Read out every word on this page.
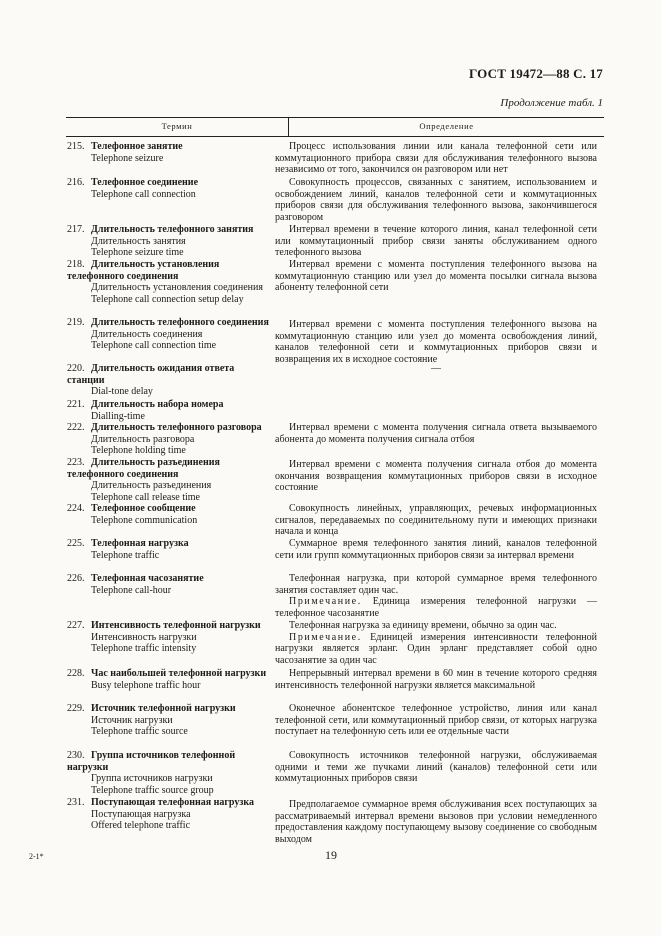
ГОСТ 19472—88 С. 17
Продолжение табл. 1
Термин	Определение
215. Телефонное занятие
Telephone seizure

Процесс использования линии или канала телефонной сети или коммутационного прибора связи для обслуживания телефонного вызова независимо от того, закончился он разговором или нет

216. Телефонное соединение
Telephone call connection

Совокупность процессов, связанных с занятием, использованием и освобождением линий, каналов телефонной сети и коммутационных приборов связи для обслуживания телефонного вызова, закончившегося разговором

217. Длительность телефонного занятия
Длительность занятия
Telephone seizure time

Интервал времени в течение которого линия, канал телефонной сети или коммутационный прибор связи заняты обслуживанием одного телефонного вызова

218. Длительность установления телефонного соединения
Длительность установления соединения
Telephone call connection setup delay

Интервал времени с момента поступления телефонного вызова на коммутационную станцию или узел до момента посылки сигнала вызова абоненту телефонной сети

219. Длительность телефонного соединения
Длительность соединения
Telephone call connection time

Интервал времени с момента поступления телефонного вызова на коммутационную станцию или узел до момента освобождения линий, каналов телефонной сети и коммутационных приборов связи и возвращения их в исходное состояние

220. Длительность ожидания ответа станции
Dial-tone delay

—

221. Длительность набора номера
Dialling-time
222. Длительность телефонного разговора
Длительность разговора
Telephone holding time

Интервал времени с момента получения сигнала ответа вызываемого абонента до момента получения сигнала отбоя

223. Длительность разъединения телефонного соединения
Длительность разъединения
Telephone call release time

Интервал времени с момента получения сигнала отбоя до момента окончания возвращения коммутационных приборов связи в исходное состояние

224. Телефонное сообщение
Telephone communication

Совокупность линейных, управляющих, речевых информационных сигналов, передаваемых по соединительному пути и имеющих признаки начала и конца

225. Телефонная нагрузка
Telephone traffic

Суммарное время телефонного занятия линий, каналов телефонной сети или групп коммутационных приборов связи за интервал времени

226. Телефонная часозанятие
Telephone call-hour

Телефонная нагрузка, при которой суммарное время телефонного занятия составляет один час.

Примечание. Единица измерения телефонной нагрузки — телефонное часозанятие

227. Интенсивность телефонной нагрузки
Интенсивность нагрузки
Telephone traffic intensity

Телефонная нагрузка за единицу времени, обычно за один час.

Примечание. Единицей измерения интенсивности телефонной нагрузки является эрланг. Один эрланг представляет собой одно часозанятие за один час

228. Час наибольшей телефонной нагрузки
Busy telephone traffic hour

Непрерывный интервал времени в 60 мин в течение которого средняя интенсивность телефонной нагрузки является максимальной

229. Источник телефонной нагрузки
Источник нагрузки
Telephone traffic source

Оконечное абонентское телефонное устройство, линия или канал телефонной сети, или коммутационный прибор связи, от которых нагрузка поступает на телефонную сеть или ее отдельные части

230. Группа источников телефонной нагрузки
Группа источников нагрузки
Telephone traffic source group

Совокупность источников телефонной нагрузки, обслуживаемая одними и теми же пучками линий (каналов) телефонной сети или коммутационных приборов связи

231. Поступающая телефонная нагрузка
Поступающая нагрузка
Offered telephone traffic

Предполагаемое суммарное время обслуживания всех поступающих за рассматриваемый интервал времени вызовов при условии немедленного предоставления каждому поступающему вызову соединение со свободным выходом

19
2-1*
